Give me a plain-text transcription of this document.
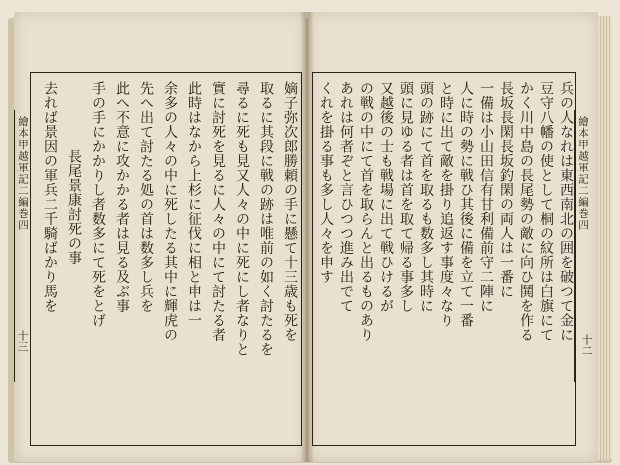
繪本甲越軍記二編巻四
十三
繪本甲越軍記二編巻四
十二
嫡子弥次郎勝頼の手に懸て十三歳も死を
取るに其段に戦の跡は唯前の如く討たるを
尋るに死も見又人々の中に死にし者なりと
實に討死を見るに人々の中にて討たる者
此時はなから上杉に征伐に相と申は一
余多の人々の中に死したる其中に輝虎の
先へ出て討たる処の首は数多し兵を
此へ不意に攻かかる者は見る及ぶ事
手の手にかかりし者数多にて死をとげ
長尾景康討死の事
去れば景因の軍兵二千騎ばかり馬を	兵の人なれは東西南北の囲を破つて金に
豆守八幡の使として桐の紋所は白旗にて
かく川中島の長尾勢の敵に向ひ鬨を作る
長坂長閑長坂釣閑の両人は一番に
一備は小山田信有甘利備前守二陣に
人に時の勢に戦ひ其後に備を立て一番
と時に出て敵を掛り追返す事度々なり
頭の跡にて首を取るも数多し其時に
頭に見ゆる者は首を取て帰る事多し
又越後の士も戦場に出て戦ひけるが
の戦の中にて首を取らんと出るものあり
あれは何者ぞと言ひつつ進み出でて
くれを掛る事も多し人々を申す
